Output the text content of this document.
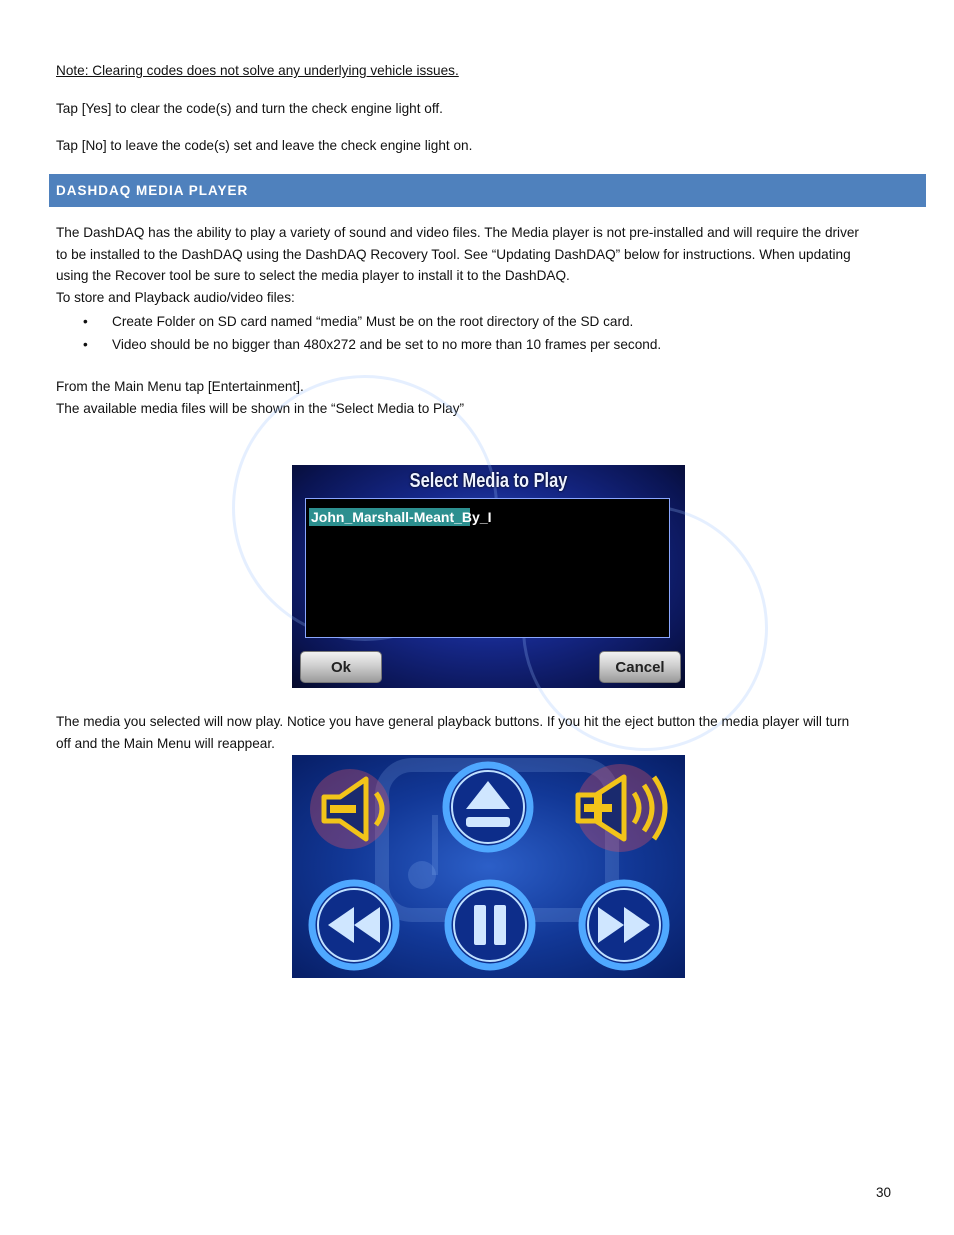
Note: Clearing codes does not solve any underlying vehicle issues.

Tap [Yes] to clear the code(s) and turn the check engine light off.

Tap [No] to leave the code(s) set and leave the check engine light on.

DASHDAQ MEDIA PLAYER
The DashDAQ has the ability to play a variety of sound and video files. The Media player is not pre-installed and will require the driver
to be installed to the DashDAQ using the DashDAQ Recovery Tool. See “Updating DashDAQ” below for instructions. When updating
using the Recover tool be sure to select the media player to install it to the DashDAQ.
To store and Playback audio/video files:
• Create Folder on SD card named “media” Must be on the root directory of the SD card.
• Video should be no bigger than 480x272 and be set to no more than 10 frames per second.
From the Main Menu tap [Entertainment].
The available media files will be shown in the “Select Media to Play”
Select Media to Play
John_Marshall-Meant_By_I
Ok	Cancel
The media you selected will now play. Notice you have general playback buttons. If you hit the eject button the media player will turn
off and the Main Menu will reappear.
30
